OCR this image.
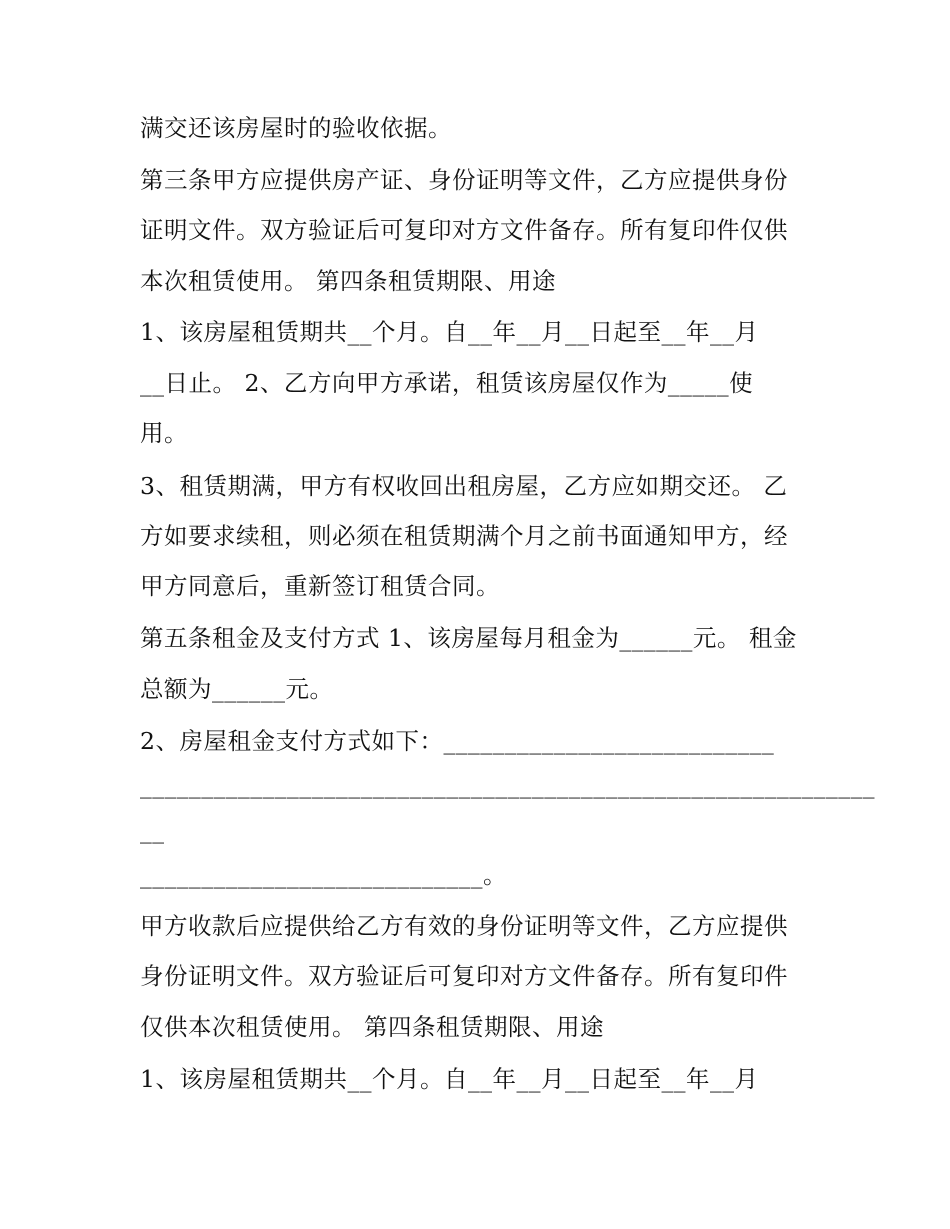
满交还该房屋时的验收依据。
第三条甲方应提供房产证、身份证明等文件，乙方应提供身份
证明文件。双方验证后可复印对方文件备存。所有复印件仅供
本次租赁使用。 第四条租赁期限、用途
1、该房屋租赁期共__个月。自__年__月__日起至__年__月
__日止。 2、乙方向甲方承诺，租赁该房屋仅作为_____使
用。
3、租赁期满，甲方有权收回出租房屋，乙方应如期交还。 乙
方如要求续租，则必须在租赁期满个月之前书面通知甲方，经
甲方同意后，重新签订租赁合同。
第五条租金及支付方式 1、该房屋每月租金为______元。 租金
总额为______元。
2、房屋租金支付方式如下：___________________________
____________________________________________________________
__
____________________________。
甲方收款后应提供给乙方有效的身份证明等文件，乙方应提供
身份证明文件。双方验证后可复印对方文件备存。所有复印件
仅供本次租赁使用。 第四条租赁期限、用途
1、该房屋租赁期共__个月。自__年__月__日起至__年__月
